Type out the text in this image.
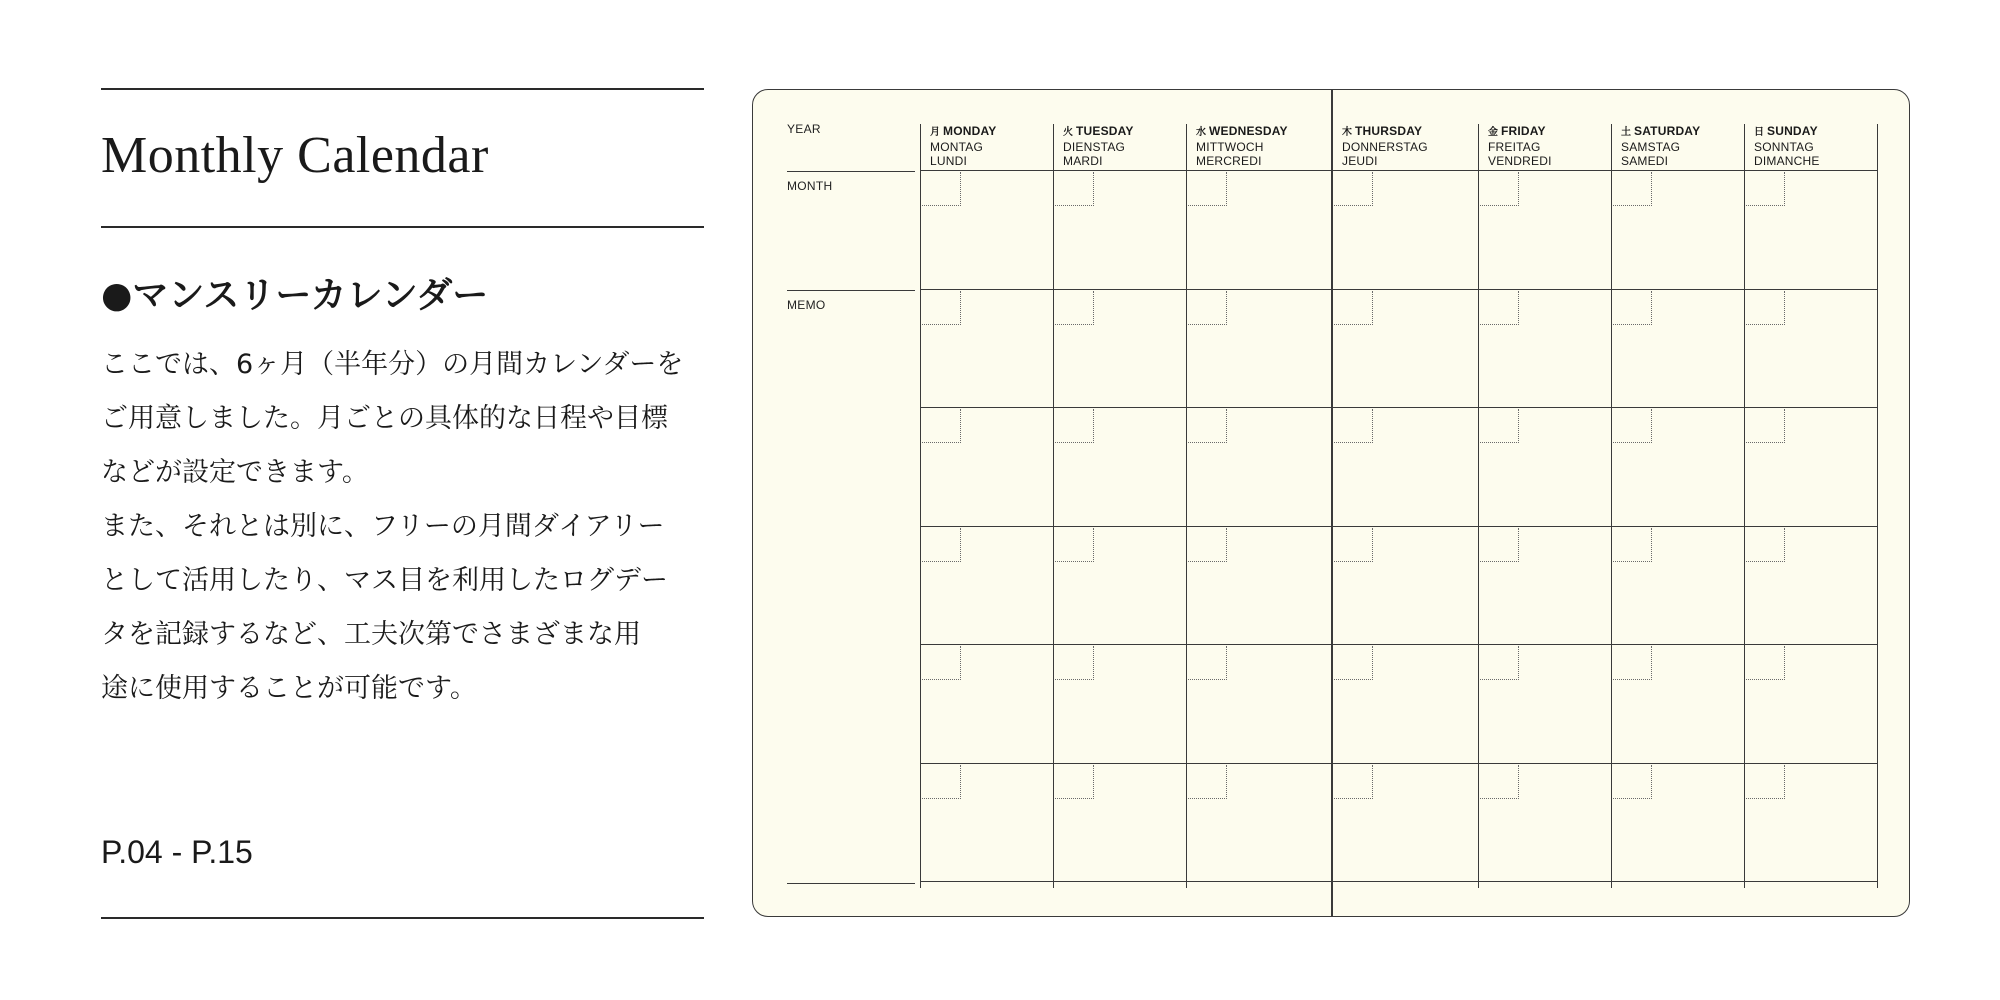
Monthly Calendar
●マンスリーカレンダー
ここでは、6ヶ月（半年分）の月間カレンダーを
ご用意しました。月ごとの具体的な日程や目標
などが設定できます。
また、それとは別に、フリーの月間ダイアリー
として活用したり、マス目を利用したログデー
タを記録するなど、工夫次第でさまざまな用
途に使用することが可能です。
P.04 - P.15
YEAR
MONTH
MEMO
月 MONDAY
MONTAG
LUNDI
火 TUESDAY
DIENSTAG
MARDI
水 WEDNESDAY
MITTWOCH
MERCREDI
木 THURSDAY
DONNERSTAG
JEUDI
金 FRIDAY
FREITAG
VENDREDI
土 SATURDAY
SAMSTAG
SAMEDI
日 SUNDAY
SONNTAG
DIMANCHE
